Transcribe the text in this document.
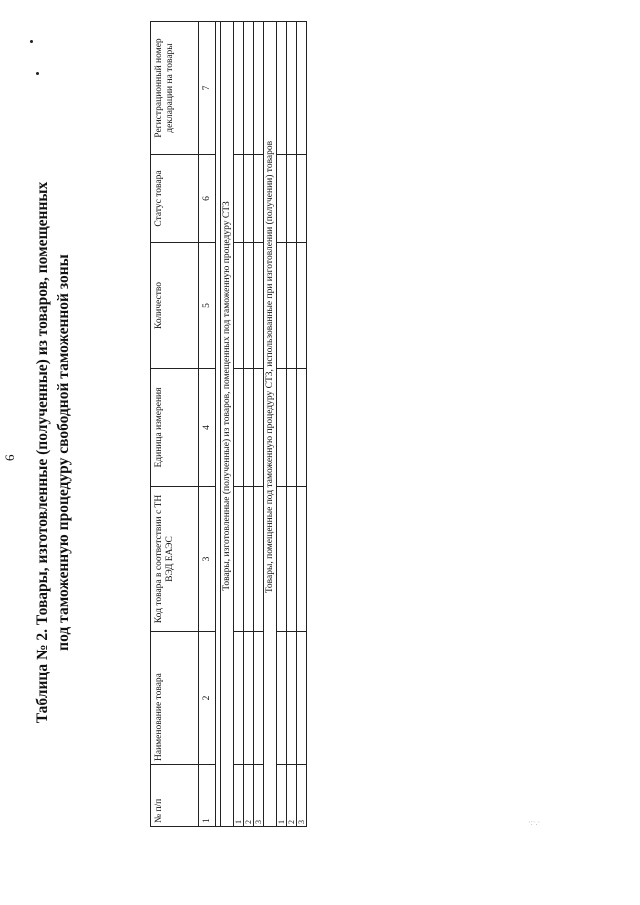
6 Таблица № 2. Товары, изготовленные (полученные) из товаров, помещенных под таможенную процедуру свободной таможенной зоны
№ п/п	Наименование товара	Код товара в соответствии с ТН ВЭД ЕАЭС	Единица измерения	Количество	Статус товара	Регистрационный номер декларации на товары
1	2	3	4	5	6	7

Товары, изготовленные (полученные) из товаров, помещенных под таможенную процедуру СТЗ						
1						
2						
3						
Товары, помещенные под таможенную процедуру СТЗ, использованные при изготовлении (получении) товаров						
1						
2						
3							·:·.·
